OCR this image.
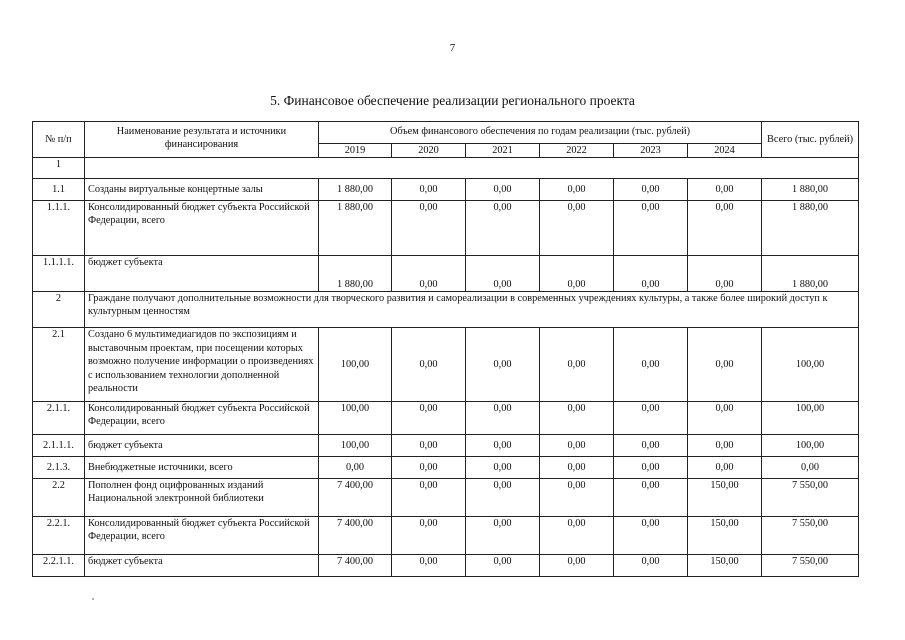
7
5. Финансовое обеспечение реализации регионального проекта
№ п/п	Наименование результата и источники финансирования	Объем финансового обеспечения по годам реализации (тыс. рублей)						Всего (тыс. рублей)
		2019	2020	2021	2022	2023	2024	
1								
1.1	Созданы виртуальные концертные залы	1 880,00	0,00	0,00	0,00	0,00	0,00	1 880,00
1.1.1.	Консолидированный бюджет субъекта Российской Федерации, всего	1 880,00	0,00	0,00	0,00	0,00	0,00	1 880,00
1.1.1.1.	бюджет субъекта	1 880,00	0,00	0,00	0,00	0,00	0,00	1 880,00
2	Граждане получают дополнительные возможности для творческого развития и самореализации в современных учреждениях культуры, а также более широкий доступ к культурным ценностям							
2.1	Создано 6 мультимедиагидов по экспозициям и выставочным проектам, при посещении которых возможно получение информации о произведениях с использованием технологии дополненной реальности	100,00	0,00	0,00	0,00	0,00	0,00	100,00
2.1.1.	Консолидированный бюджет субъекта Российской Федерации, всего	100,00	0,00	0,00	0,00	0,00	0,00	100,00
2.1.1.1.	бюджет субъекта	100,00	0,00	0,00	0,00	0,00	0,00	100,00
2.1.3.	Внебюджетные источники, всего	0,00	0,00	0,00	0,00	0,00	0,00	0,00
2.2	Пополнен фонд оцифрованных изданий Национальной электронной библиотеки	7 400,00	0,00	0,00	0,00	0,00	150,00	7 550,00
2.2.1.	Консолидированный бюджет субъекта Российской Федерации, всего	7 400,00	0,00	0,00	0,00	0,00	150,00	7 550,00
2.2.1.1.	бюджет субъекта	7 400,00	0,00	0,00	0,00	0,00	150,00	7 550,00
